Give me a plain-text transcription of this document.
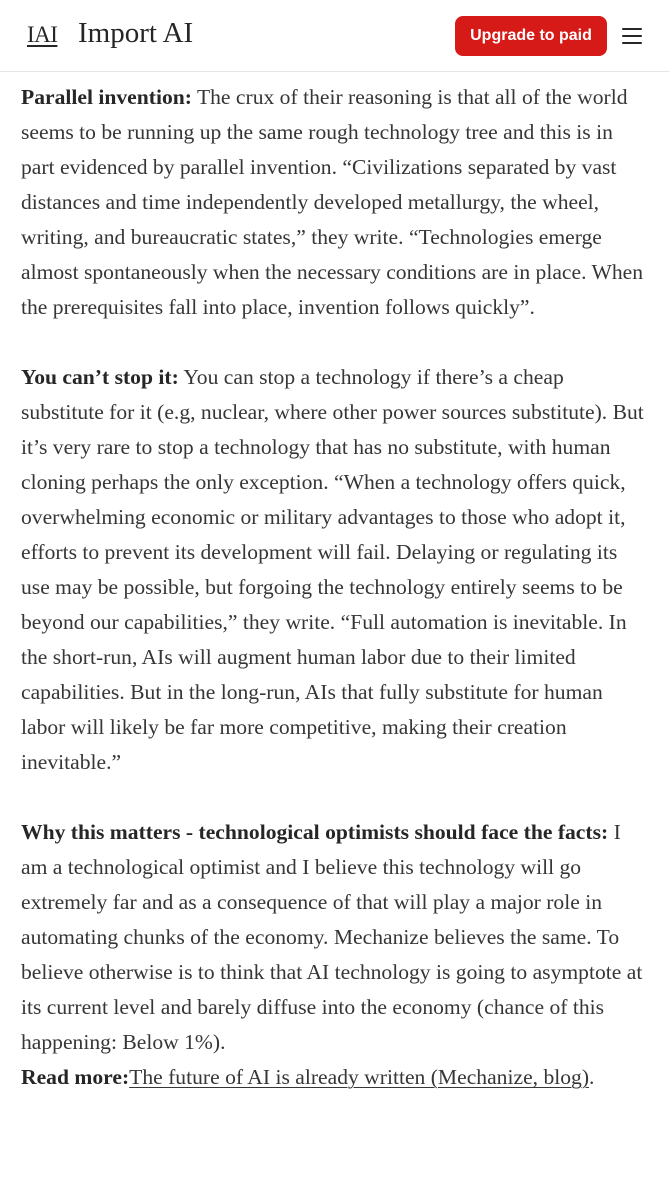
IAI Import AI	Upgrade to paid

Parallel invention: The crux of their reasoning is that all of the world seems to be running up the same rough technology tree and this is in part evidenced by parallel invention. “Civilizations separated by vast distances and time independently developed metallurgy, the wheel, writing, and bureaucratic states,” they write. “Technologies emerge almost spontaneously when the necessary conditions are in place. When the prerequisites fall into place, invention follows quickly”.

You can’t stop it: You can stop a technology if there’s a cheap substitute for it (e.g, nuclear, where other power sources substitute). But it’s very rare to stop a technology that has no substitute, with human cloning perhaps the only exception. “When a technology offers quick, overwhelming economic or military advantages to those who adopt it, efforts to prevent its development will fail. Delaying or regulating its use may be possible, but forgoing the technology entirely seems to be beyond our capabilities,” they write. “Full automation is inevitable. In the short-run, AIs will augment human labor due to their limited capabilities. But in the long-run, AIs that fully substitute for human labor will likely be far more competitive, making their creation inevitable.”

Why this matters - technological optimists should face the facts: I am a technological optimist and I believe this technology will go extremely far and as a consequence of that will play a major role in automating chunks of the economy. Mechanize believes the same. To believe otherwise is to think that AI technology is going to asymptote at its current level and barely diffuse into the economy (chance of this happening: Below 1%).
Read more:The future of AI is already written (Mechanize, blog).
